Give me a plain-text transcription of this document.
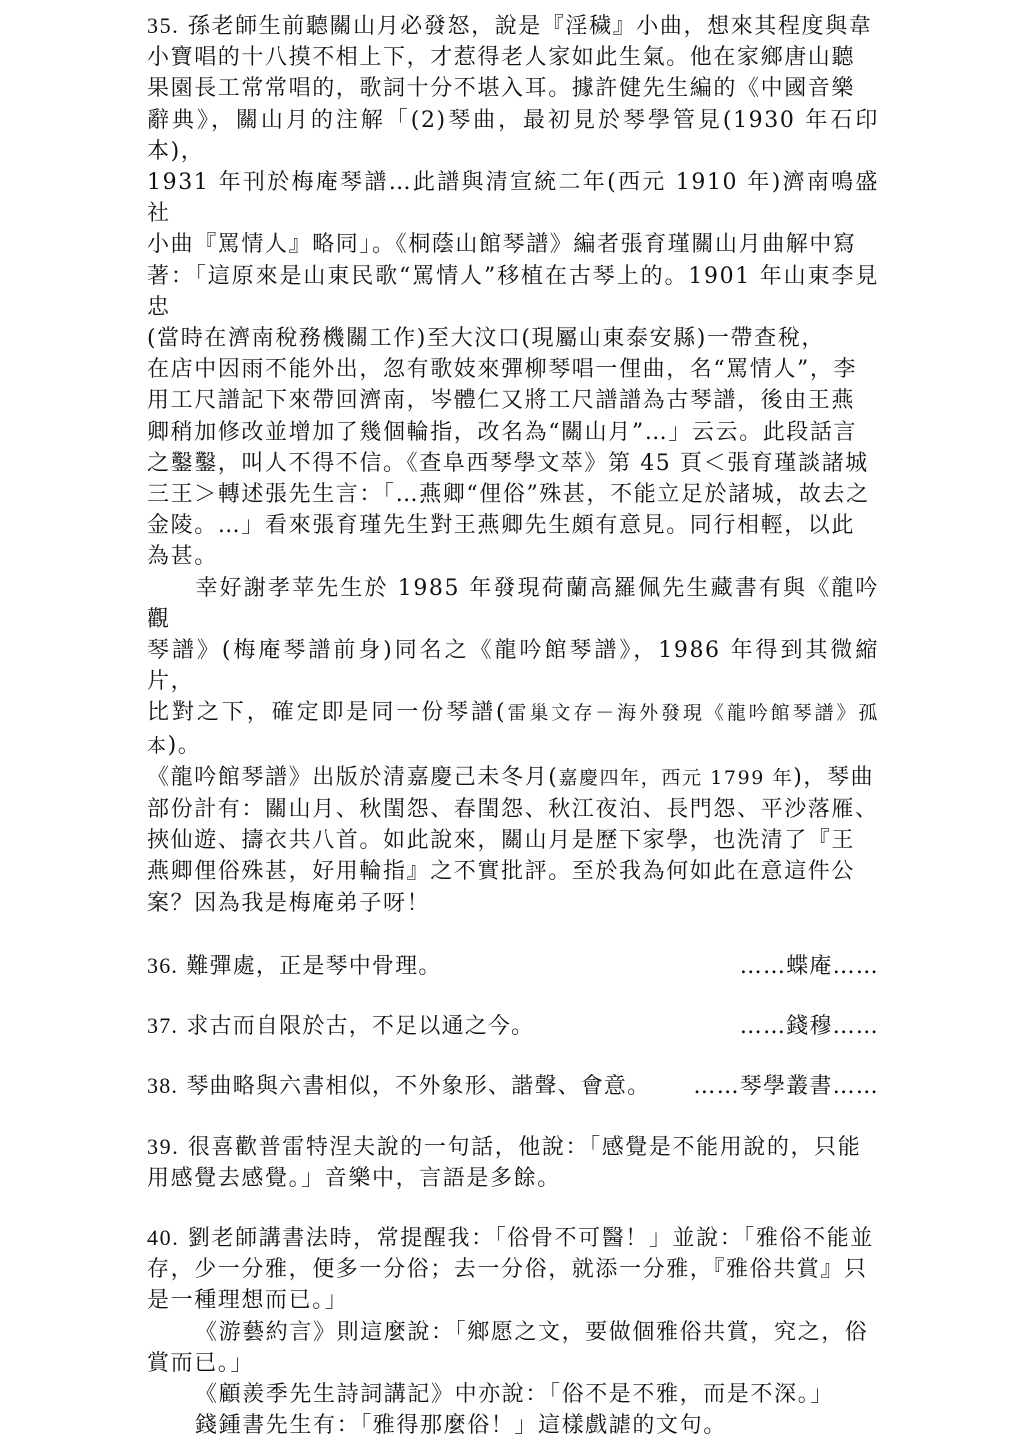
35. 孫老師生前聽關山月必發怒，說是『淫穢』小曲，想來其程度與韋
小寶唱的十八摸不相上下，才惹得老人家如此生氣。他在家鄉唐山聽
果園長工常常唱的，歌詞十分不堪入耳。據許健先生編的《中國音樂
辭典》，關山月的注解「(2)琴曲，最初見於琴學管見(1930 年石印本)，
1931 年刊於梅庵琴譜…此譜與清宣統二年(西元 1910 年)濟南鳴盛社
小曲『罵情人』略同」。《桐蔭山館琴譜》編者張育瑾關山月曲解中寫
著：「這原來是山東民歌“罵情人”移植在古琴上的。1901 年山東李見忠
(當時在濟南稅務機關工作)至大汶口(現屬山東泰安縣)一帶查稅，
在店中因雨不能外出，忽有歌妓來彈柳琴唱一俚曲，名“罵情人”，李
用工尺譜記下來帶回濟南，岑體仁又將工尺譜譜為古琴譜，後由王燕
卿稍加修改並增加了幾個輪指，改名為“關山月”…」云云。此段話言
之鑿鑿，叫人不得不信。《查阜西琴學文萃》第 45 頁＜張育瑾談諸城
三王＞轉述張先生言：「…燕卿“俚俗”殊甚，不能立足於諸城，故去之
金陵。…」看來張育瑾先生對王燕卿先生頗有意見。同行相輕，以此
為甚。

幸好謝孝苹先生於 1985 年發現荷蘭高羅佩先生藏書有與《龍吟觀
琴譜》(梅庵琴譜前身)同名之《龍吟館琴譜》，1986 年得到其微縮片，
比對之下，確定即是同一份琴譜(雷巢文存－海外發現《龍吟館琴譜》孤本)。
《龍吟館琴譜》出版於清嘉慶己未冬月(嘉慶四年，西元 1799 年)，琴曲
部份計有：關山月、秋閨怨、春閨怨、秋江夜泊、長門怨、平沙落雁、
挾仙遊、擣衣共八首。如此說來，關山月是歷下家學，也洗清了『王
燕卿俚俗殊甚，好用輪指』之不實批評。至於我為何如此在意這件公
案？因為我是梅庵弟子呀！

36. 難彈處，正是琴中骨理。	……蝶庵……
37. 求古而自限於古，不足以通之今。	……錢穆……
38. 琴曲略與六書相似，不外象形、諧聲、會意。 ……琴學叢書……

39. 很喜歡普雷特涅夫說的一句話，他說：「感覺是不能用說的，只能
用感覺去感覺。」音樂中，言語是多餘。

40. 劉老師講書法時，常提醒我：「俗骨不可醫！」並說：「雅俗不能並
存，少一分雅，便多一分俗；去一分俗，就添一分雅，『雅俗共賞』只
是一種理想而已。」

《游藝約言》則這麼說：「鄉愿之文，要做個雅俗共賞，究之，俗
賞而已。」

《顧羨季先生詩詞講記》中亦說：「俗不是不雅，而是不深。」

錢鍾書先生有：「雅得那麼俗！」這樣戲謔的文句。
